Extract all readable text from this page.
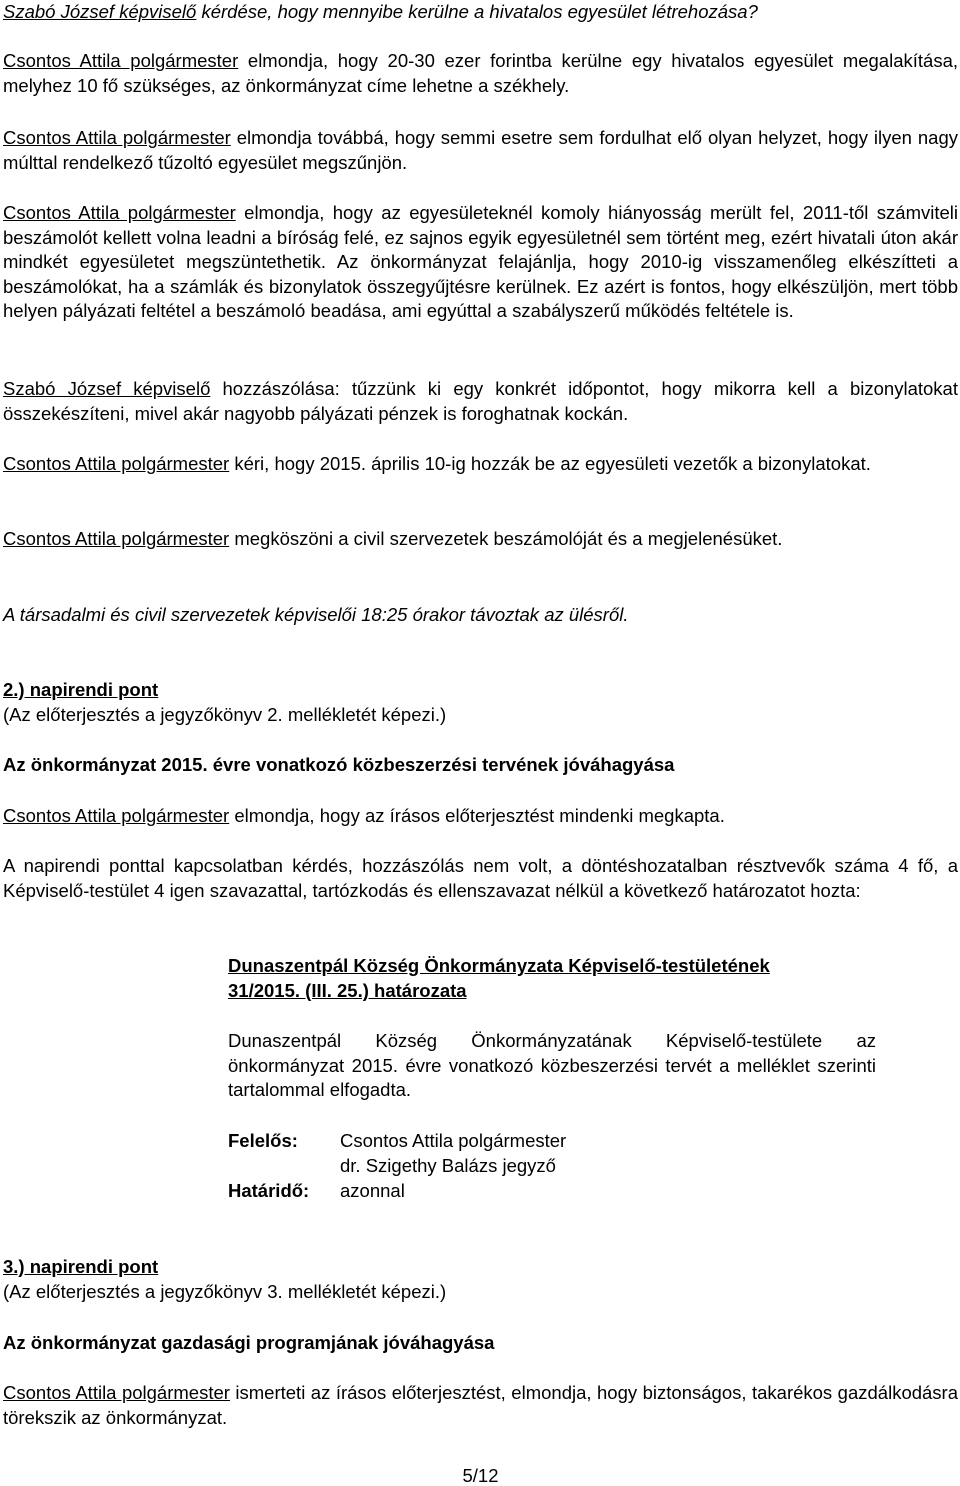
Szabó József képviselő kérdése, hogy mennyibe kerülne a hivatalos egyesület létrehozása?

Csontos Attila polgármester elmondja, hogy 20-30 ezer forintba kerülne egy hivatalos egyesület megalakítása, melyhez 10 fő szükséges, az önkormányzat címe lehetne a székhely.

Csontos Attila polgármester elmondja továbbá, hogy semmi esetre sem fordulhat elő olyan helyzet, hogy ilyen nagy múlttal rendelkező tűzoltó egyesület megszűnjön.

Csontos Attila polgármester elmondja, hogy az egyesületeknél komoly hiányosság merült fel, 2011-től számviteli beszámolót kellett volna leadni a bíróság felé, ez sajnos egyik egyesületnél sem történt meg, ezért hivatali úton akár mindkét egyesületet megszüntethetik. Az önkormányzat felajánlja, hogy 2010-ig visszamenőleg elkészítteti a beszámolókat, ha a számlák és bizonylatok összegyűjtésre kerülnek. Ez azért is fontos, hogy elkészüljön, mert több helyen pályázati feltétel a beszámoló beadása, ami egyúttal a szabályszerű működés feltétele is.

Szabó József képviselő hozzászólása: tűzzünk ki egy konkrét időpontot, hogy mikorra kell a bizonylatokat összekészíteni, mivel akár nagyobb pályázati pénzek is foroghatnak kockán.

Csontos Attila polgármester kéri, hogy 2015. április 10-ig hozzák be az egyesületi vezetők a bizonylatokat.

Csontos Attila polgármester megköszöni a civil szervezetek beszámolóját és a megjelenésüket.

A társadalmi és civil szervezetek képviselői 18:25 órakor távoztak az ülésről.

2.) napirendi pont

(Az előterjesztés a jegyzőkönyv 2. mellékletét képezi.)

Az önkormányzat 2015. évre vonatkozó közbeszerzési tervének jóváhagyása

Csontos Attila polgármester elmondja, hogy az írásos előterjesztést mindenki megkapta.

A napirendi ponttal kapcsolatban kérdés, hozzászólás nem volt, a döntéshozatalban résztvevők száma 4 fő, a Képviselő-testület 4 igen szavazattal, tartózkodás és ellenszavazat nélkül a következő határozatot hozta:

Dunaszentpál Község Önkormányzata Képviselő-testületének

31/2015. (III. 25.) határozata

Dunaszentpál Község Önkormányzatának Képviselő-testülete az önkormányzat 2015. évre vonatkozó közbeszerzési tervét a melléklet szerinti tartalommal elfogadta.

Felelős:	Csontos Attila polgármester
dr. Szigethy Balázs jegyző
Határidő:	azonnal

3.) napirendi pont

(Az előterjesztés a jegyzőkönyv 3. mellékletét képezi.)

Az önkormányzat gazdasági programjának jóváhagyása

Csontos Attila polgármester ismerteti az írásos előterjesztést, elmondja, hogy biztonságos, takarékos gazdálkodásra törekszik az önkormányzat.

5/12
